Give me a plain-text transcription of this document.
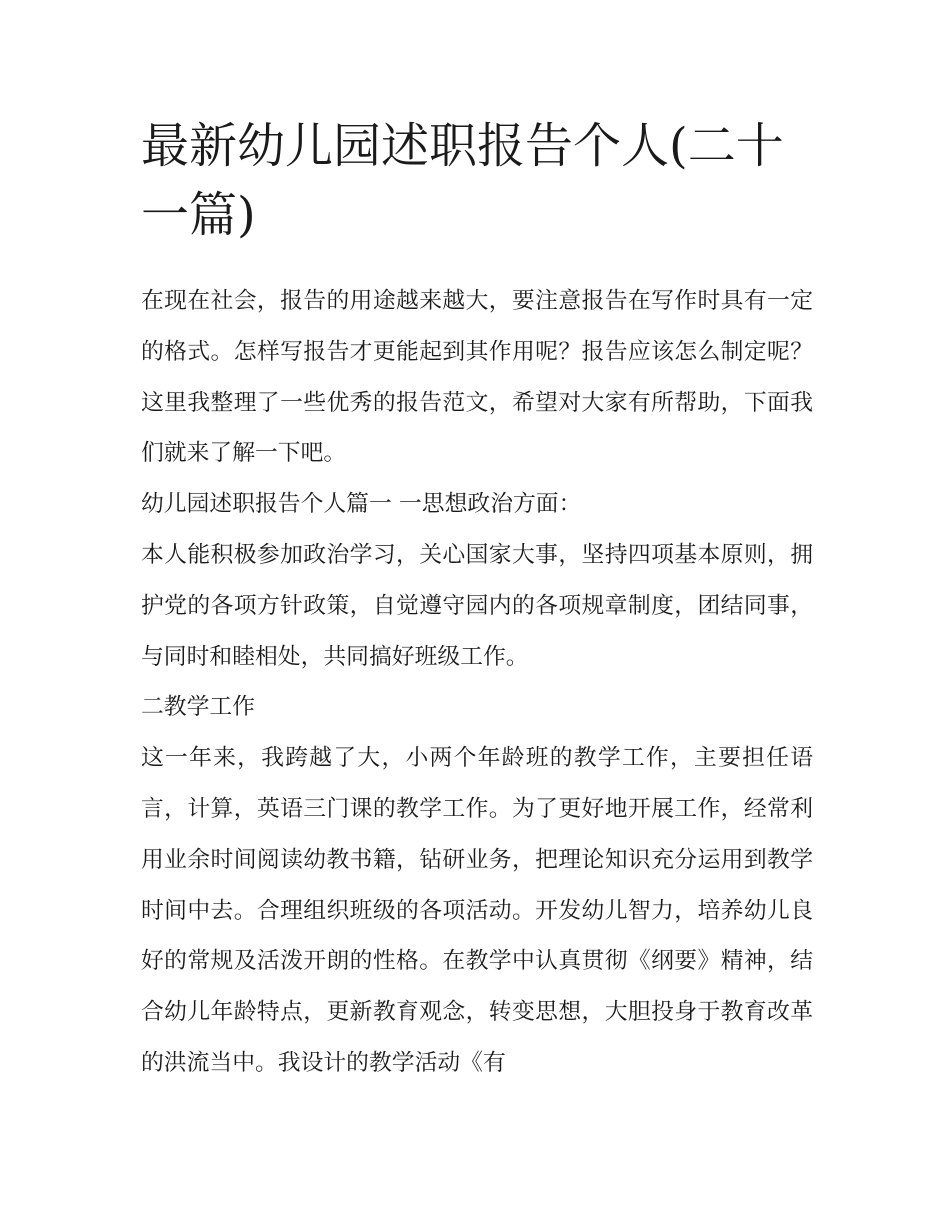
最新幼儿园述职报告个人(二十一篇)

在现在社会，报告的用途越来越大，要注意报告在写作时具有一定的格式。怎样写报告才更能起到其作用呢？报告应该怎么制定呢？这里我整理了一些优秀的报告范文，希望对大家有所帮助，下面我们就来了解一下吧。

幼儿园述职报告个人篇一 一思想政治方面：

本人能积极参加政治学习，关心国家大事，坚持四项基本原则，拥护党的各项方针政策，自觉遵守园内的各项规章制度，团结同事，与同时和睦相处，共同搞好班级工作。

二教学工作

这一年来，我跨越了大，小两个年龄班的教学工作，主要担任语言，计算，英语三门课的教学工作。为了更好地开展工作，经常利用业余时间阅读幼教书籍，钻研业务，把理论知识充分运用到教学时间中去。合理组织班级的各项活动。开发幼儿智力，培养幼儿良好的常规及活泼开朗的性格。在教学中认真贯彻《纲要》精神，结合幼儿年龄特点，更新教育观念，转变思想，大胆投身于教育改革的洪流当中。我设计的教学活动《有
